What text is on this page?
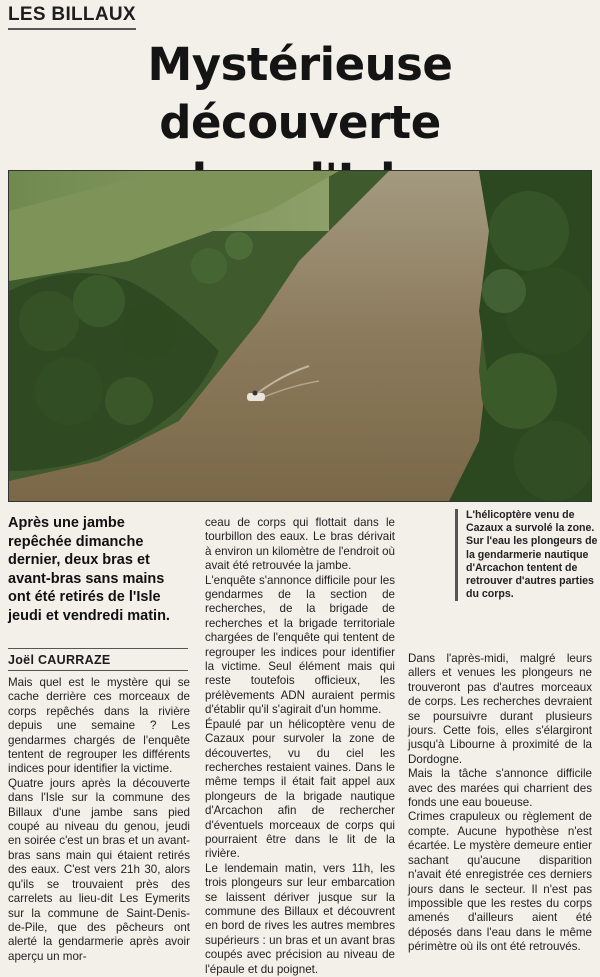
LES BILLAUX
Mystérieuse découverte
Après une jambe repêchée dimanche dernier, deux bras et avant-bras sans mains ont été retirés de l'Isle jeudi et vendredi matin.
Joël CAURRAZE

Mais quel est le mystère qui se cache derrière ces morceaux de corps repêchés dans la rivière depuis une semaine ? Les gendarmes chargés de l'enquête tentent de regrouper les différents indices pour identifier la victime.

Quatre jours après la découverte dans l'Isle sur la commune des Billaux d'une jambe sans pied coupé au niveau du genou, jeudi en soirée c'est un bras et un avant-bras sans main qui étaient retirés des eaux. C'est vers 21h 30, alors qu'ils se trouvaient près des carrelets au lieu-dit Les Eymerits sur la commune de Saint-Denis-de-Pile, que des pêcheurs ont alerté la gendarmerie après avoir aperçu un mor-

ceau de corps qui flottait dans le tourbillon des eaux. Le bras dérivait à environ un kilomètre de l'endroit où avait été retrouvée la jambe.

L'enquête s'annonce difficile pour les gendarmes de la section de recherches, de la brigade de recherches et la brigade territoriale chargées de l'enquête qui tentent de regrouper les indices pour identifier la victime. Seul élément mais qui reste toutefois officieux, les prélèvements ADN auraient permis d'établir qu'il s'agirait d'un homme.

Épaulé par un hélicoptère venu de Cazaux pour survoler la zone de découvertes, vu du ciel les recherches restaient vaines. Dans le même temps il était fait appel aux plongeurs de la brigade nautique d'Arcachon afin de rechercher d'éventuels morceaux de corps qui pourraient être dans le lit de la rivière.

Le lendemain matin, vers 11h, les trois plongeurs sur leur embarcation se laissent dériver jusque sur la commune des Billaux et découvrent en bord de rives les autres membres supérieurs : un bras et un avant bras coupés avec précision au niveau de l'épaule et du poignet.

L'hélicoptère venu de Cazaux a survolé la zone. Sur l'eau les plongeurs de la gendarmerie nautique d'Arcachon tentent de retrouver d'autres parties du corps.

Dans l'après-midi, malgré leurs allers et venues les plongeurs ne trouveront pas d'autres morceaux de corps. Les recherches devraient se poursuivre durant plusieurs jours. Cette fois, elles s'élargiront jusqu'à Libourne à proximité de la Dordogne.

Mais la tâche s'annonce difficile avec des marées qui charrient des fonds une eau boueuse.

Crimes crapuleux ou règlement de compte. Aucune hypothèse n'est écartée. Le mystère demeure entier sachant qu'aucune disparition n'avait été enregistrée ces derniers jours dans le secteur. Il n'est pas impossible que les restes du corps amenés d'ailleurs aient été déposés dans l'eau dans le même périmètre où ils ont été retrouvés.
